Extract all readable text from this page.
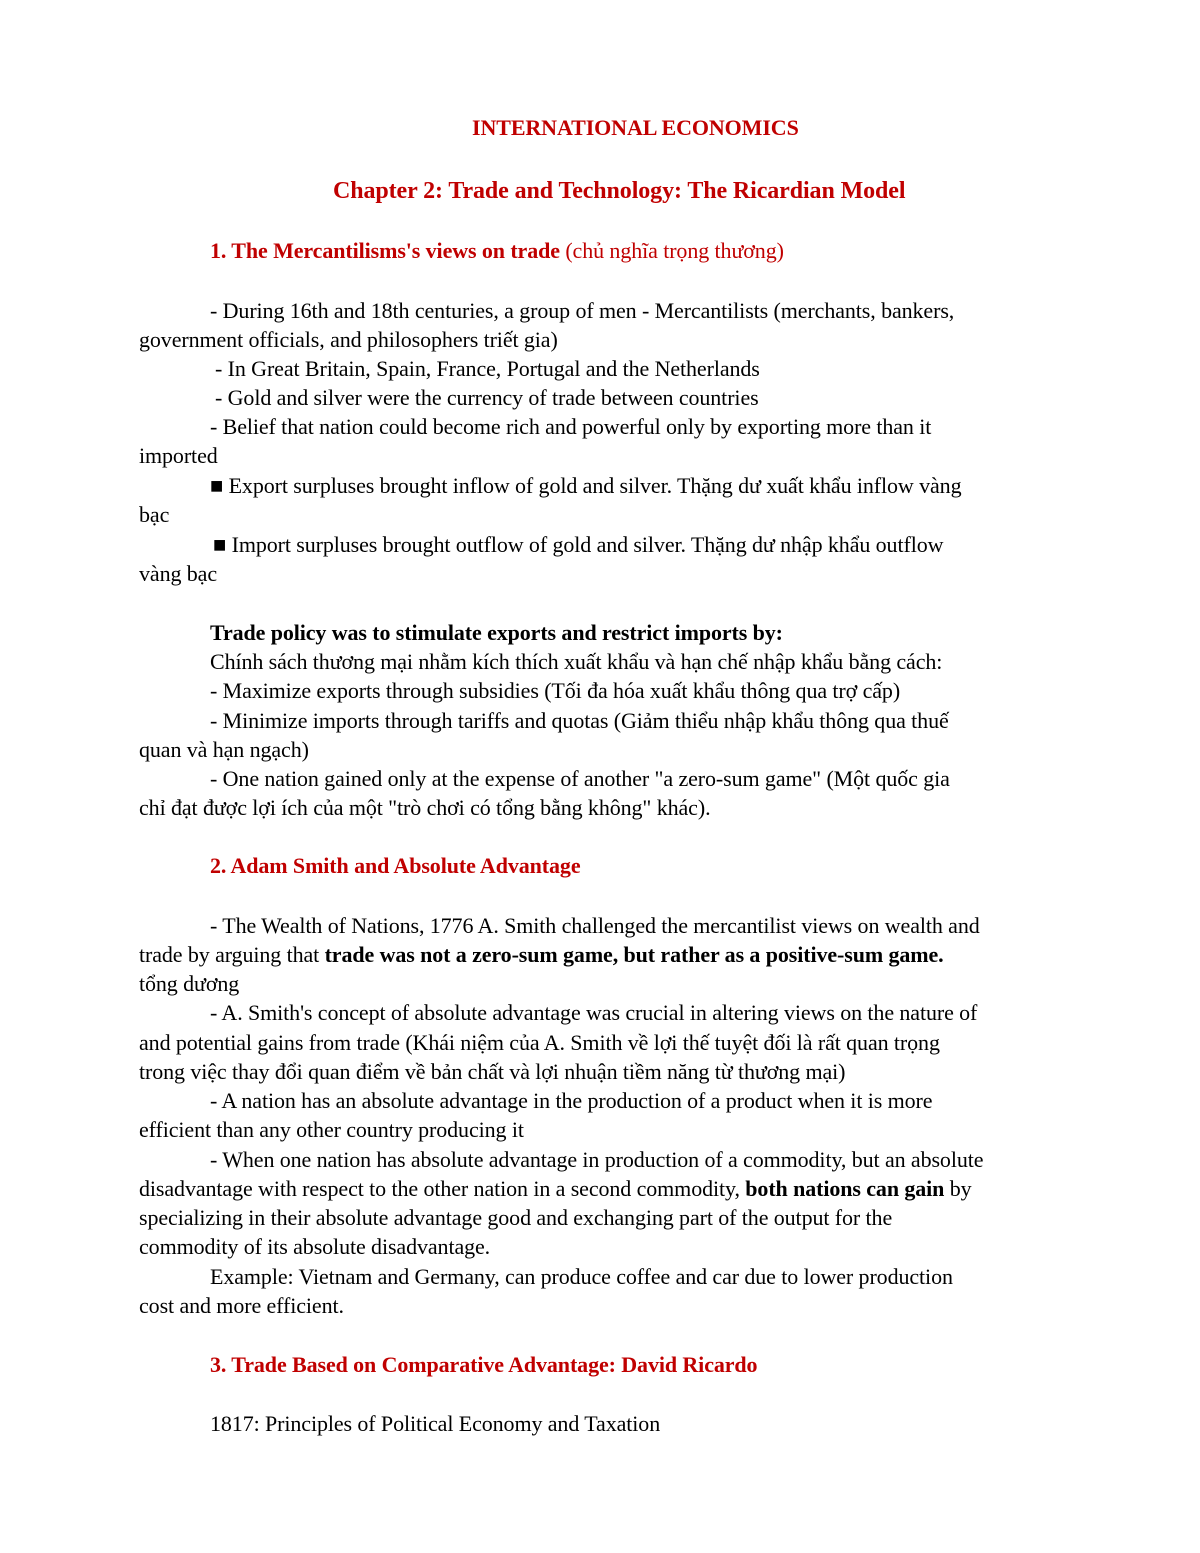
INTERNATIONAL ECONOMICS
Chapter 2: Trade and Technology: The Ricardian Model
1. The Mercantilisms's views on trade (chủ nghĩa trọng thương)
- During 16th and 18th centuries, a group of men - Mercantilists (merchants, bankers,
government officials, and philosophers triết gia)
- In Great Britain, Spain, France, Portugal and the Netherlands
- Gold and silver were the currency of trade between countries
- Belief that nation could become rich and powerful only by exporting more than it
imported
■ Export surpluses brought inflow of gold and silver. Thặng dư xuất khẩu inflow vàng
bạc
■ Import surpluses brought outflow of gold and silver. Thặng dư nhập khẩu outflow
vàng bạc
Trade policy was to stimulate exports and restrict imports by:
Chính sách thương mại nhằm kích thích xuất khẩu và hạn chế nhập khẩu bằng cách:
- Maximize exports through subsidies (Tối đa hóa xuất khẩu thông qua trợ cấp)
- Minimize imports through tariffs and quotas (Giảm thiểu nhập khẩu thông qua thuế
quan và hạn ngạch)
- One nation gained only at the expense of another "a zero-sum game" (Một quốc gia
chỉ đạt được lợi ích của một "trò chơi có tổng bằng không" khác).
2. Adam Smith and Absolute Advantage
- The Wealth of Nations, 1776 A. Smith challenged the mercantilist views on wealth and
trade by arguing that trade was not a zero-sum game, but rather as a positive-sum game.
tổng dương
- A. Smith's concept of absolute advantage was crucial in altering views on the nature of
and potential gains from trade (Khái niệm của A. Smith về lợi thế tuyệt đối là rất quan trọng
trong việc thay đổi quan điểm về bản chất và lợi nhuận tiềm năng từ thương mại)
- A nation has an absolute advantage in the production of a product when it is more
efficient than any other country producing it
- When one nation has absolute advantage in production of a commodity, but an absolute
disadvantage with respect to the other nation in a second commodity, both nations can gain by
specializing in their absolute advantage good and exchanging part of the output for the
commodity of its absolute disadvantage.
Example: Vietnam and Germany, can produce coffee and car due to lower production
cost and more efficient.
3. Trade Based on Comparative Advantage: David Ricardo
1817: Principles of Political Economy and Taxation
